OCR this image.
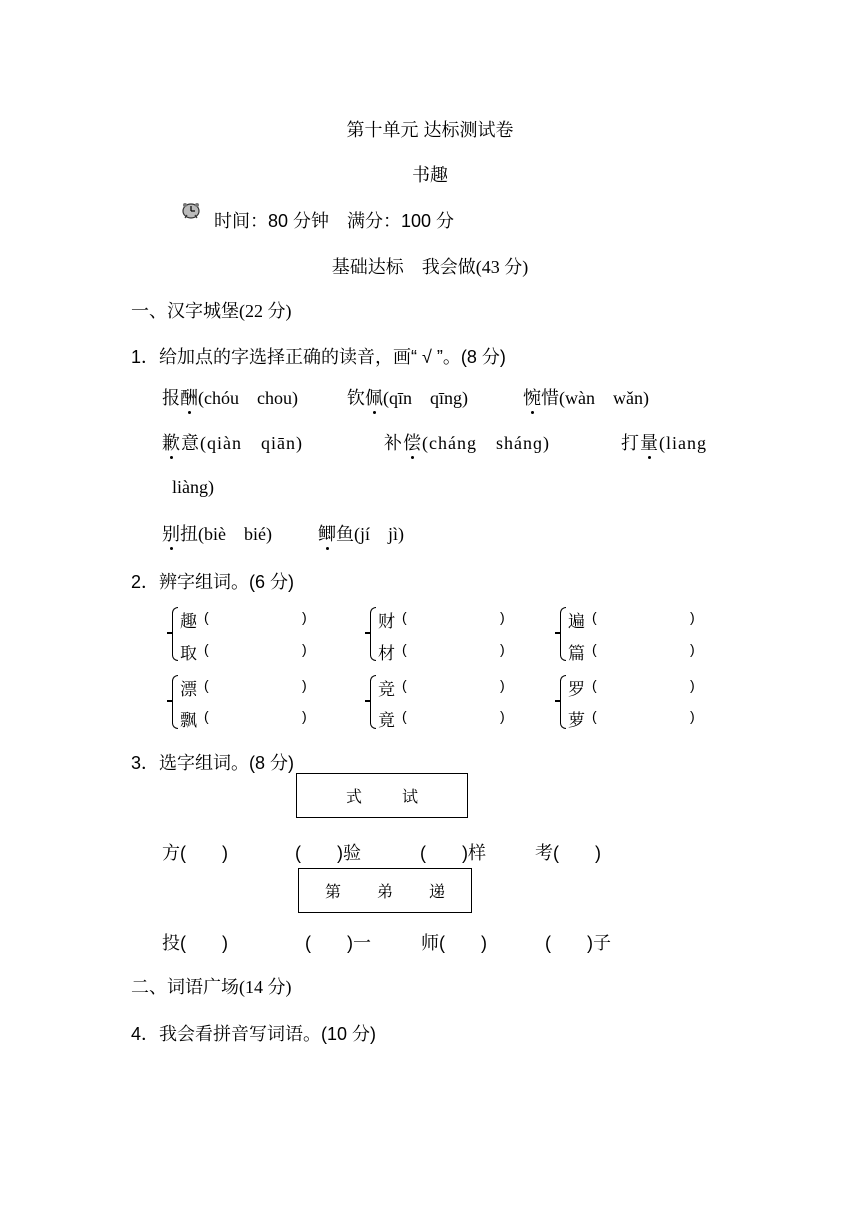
第十单元 达标测试卷
书趣
时间：80 分钟　满分：100 分
基础达标　我会做(43 分)
一、汉字城堡(22 分)
1．给加点的字选择正确的读音，画“ √ ”。(8 分)
报酬(chóu　chou)	钦佩(qīn　qīng)	惋惜(wàn　wǎn)
歉意(qiàn　qiān)	补偿(cháng　shánɡ)	打量(liang
liàng)
别扭(biè　bié)	鲫鱼(jí　jì)
2．辨字组词。(6 分)
趣 (	)
取 (	)
财 (	)
材 (	)
遍 (	)
篇 (	)
漂 (	)
飘 (	)
竞 (	)
竟 (	)
罗 (	)
萝 (	)
3．选字组词。(8 分)
式	试
方(　　)	(　　)验	(　　)样	考(　　)
第 弟 递
投(　　)	(　　)一	师(　　)	(　　)子
二、词语广场(14 分)
4．我会看拼音写词语。(10 分)
